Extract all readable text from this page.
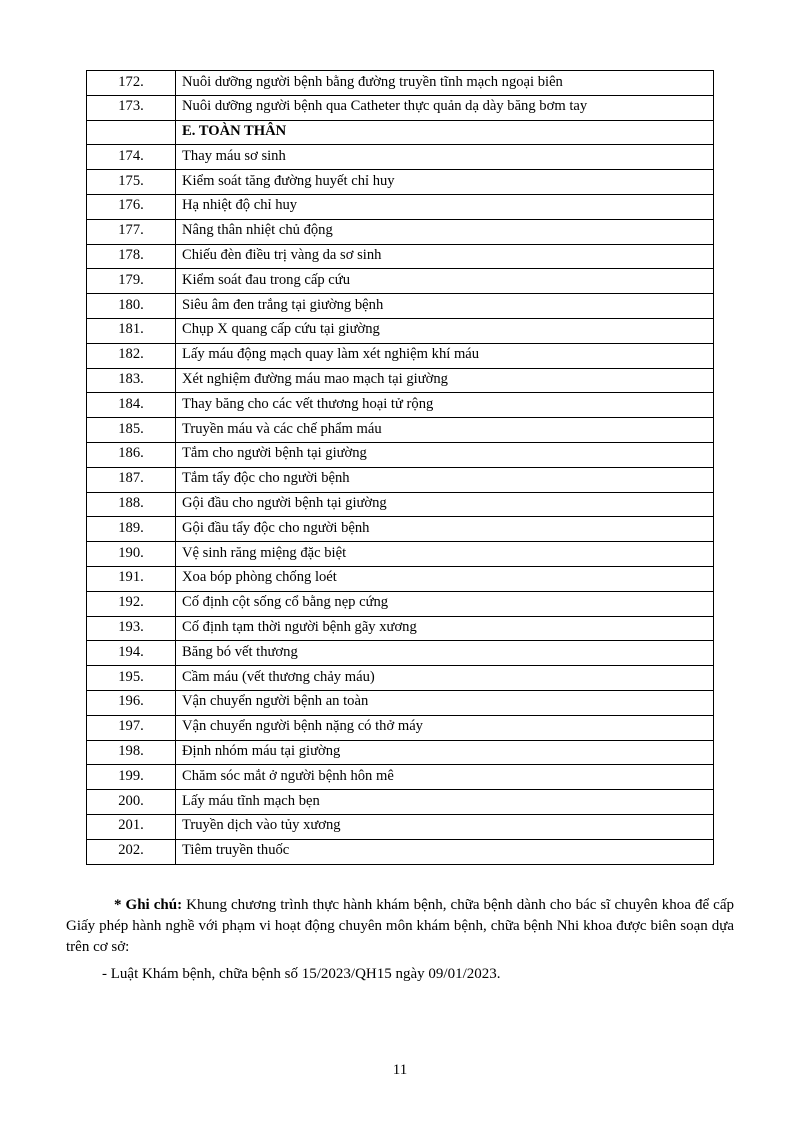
172.	Nuôi dưỡng người bệnh bằng đường truyền tĩnh mạch ngoại biên
173.	Nuôi dưỡng người bệnh qua Catheter thực quản dạ dày băng bơm tay
	E. TOÀN THÂN
174.	Thay máu sơ sinh
175.	Kiểm soát tăng đường huyết chỉ huy
176.	Hạ nhiệt độ chỉ huy
177.	Nâng thân nhiệt chủ động
178.	Chiếu đèn điều trị vàng da sơ sinh
179.	Kiểm soát đau trong cấp cứu
180.	Siêu âm đen trắng tại giường bệnh
181.	Chụp X quang cấp cứu tại giường
182.	Lấy máu động mạch quay làm xét nghiệm khí máu
183.	Xét nghiệm đường máu mao mạch tại giường
184.	Thay băng cho các vết thương hoại tử rộng
185.	Truyền máu và các chế phẩm máu
186.	Tắm cho người bệnh tại giường
187.	Tắm tẩy độc cho người bệnh
188.	Gội đầu cho người bệnh tại giường
189.	Gội đầu tẩy độc cho người bệnh
190.	Vệ sinh răng miệng đặc biệt
191.	Xoa bóp phòng chống loét
192.	Cố định cột sống cổ bằng nẹp cứng
193.	Cố định tạm thời người bệnh gãy xương
194.	Băng bó vết thương
195.	Cầm máu (vết thương chảy máu)
196.	Vận chuyển người bệnh an toàn
197.	Vận chuyển người bệnh nặng có thở máy
198.	Định nhóm máu tại giường
199.	Chăm sóc mắt ở người bệnh hôn mê
200.	Lấy máu tĩnh mạch bẹn
201.	Truyền dịch vào tủy xương
202.	Tiêm truyền thuốc

* Ghi chú: Khung chương trình thực hành khám bệnh, chữa bệnh dành cho bác sĩ chuyên khoa để cấp Giấy phép hành nghề với phạm vi hoạt động chuyên môn khám bệnh, chữa bệnh Nhi khoa được biên soạn dựa trên cơ sở:

- Luật Khám bệnh, chữa bệnh số 15/2023/QH15 ngày 09/01/2023.

11
